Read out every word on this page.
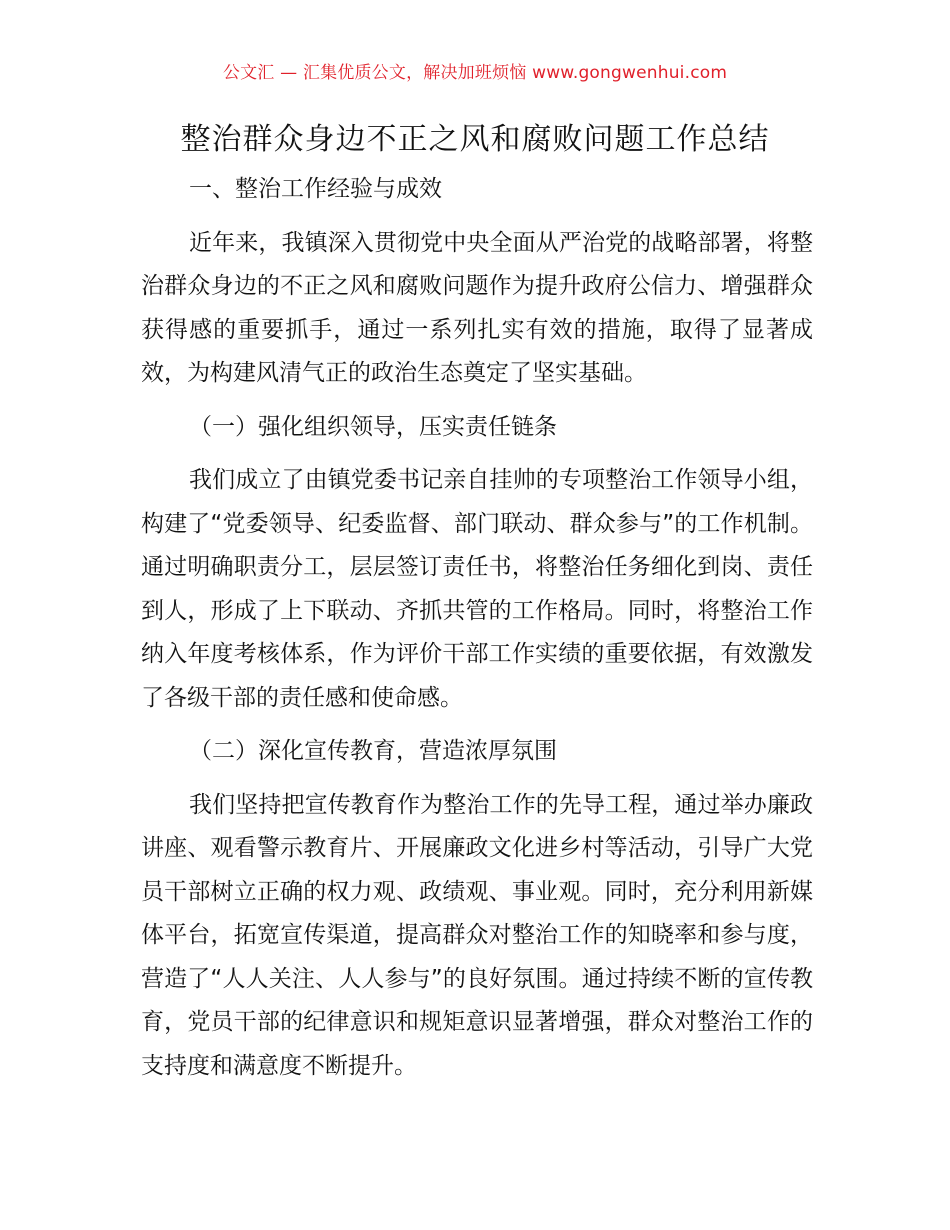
公文汇 — 汇集优质公文，解决加班烦恼 www.gongwenhui.com
整治群众身边不正之风和腐败问题工作总结

一、整治工作经验与成效

近年来，我镇深入贯彻党中央全面从严治党的战略部署，将整治群众身边的不正之风和腐败问题作为提升政府公信力、增强群众获得感的重要抓手，通过一系列扎实有效的措施，取得了显著成效，为构建风清气正的政治生态奠定了坚实基础。

（一）强化组织领导，压实责任链条

我们成立了由镇党委书记亲自挂帅的专项整治工作领导小组，构建了“党委领导、纪委监督、部门联动、群众参与”的工作机制。通过明确职责分工，层层签订责任书，将整治任务细化到岗、责任到人，形成了上下联动、齐抓共管的工作格局。同时，将整治工作纳入年度考核体系，作为评价干部工作实绩的重要依据，有效激发了各级干部的责任感和使命感。

（二）深化宣传教育，营造浓厚氛围

我们坚持把宣传教育作为整治工作的先导工程，通过举办廉政讲座、观看警示教育片、开展廉政文化进乡村等活动，引导广大党员干部树立正确的权力观、政绩观、事业观。同时，充分利用新媒体平台，拓宽宣传渠道，提高群众对整治工作的知晓率和参与度，营造了“人人关注、人人参与”的良好氛围。通过持续不断的宣传教育，党员干部的纪律意识和规矩意识显著增强，群众对整治工作的支持度和满意度不断提升。
